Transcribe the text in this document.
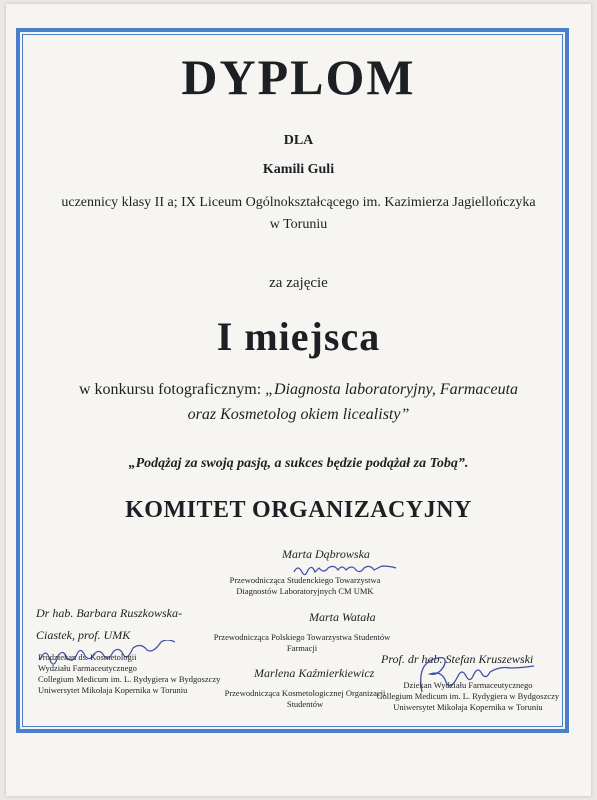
DYPLOM
DLA
Kamili Guli
uczennicy klasy II a; IX Liceum Ogólnokształcącego im. Kazimierza Jagiellończyka
w Toruniu
za zajęcie
I miejsca
w konkursu fotograficznym: „Diagnosta laboratoryjny, Farmaceuta
oraz Kosmetolog okiem licealisty”
„Podążaj za swoją pasją, a sukces będzie podążał za Tobą”.
KOMITET ORGANIZACYJNY
Marta Dąbrowska
Przewodnicząca Studenckiego Towarzystwa
Diagnostów Laboratoryjnych CM UMK
Dr hab. Barbara Ruszkowska-
Ciastek, prof. UMK
Prodziekan ds. Kosmetologii
Wydziału Farmaceutycznego
Collegium Medicum im. L. Rydygiera w Bydgoszczy
Uniwersytet Mikołaja Kopernika w Toruniu
Marta Watała
Przewodnicząca Polskiego Towarzystwa Studentów
Farmacji
Marlena Kaźmierkiewicz
Przewodnicząca Kosmetologicznej Organizacji
Studentów
Prof. dr hab. Stefan Kruszewski
Dziekan Wydziału Farmaceutycznego
Collegium Medicum im. L. Rydygiera w Bydgoszczy
Uniwersytet Mikołaja Kopernika w Toruniu
